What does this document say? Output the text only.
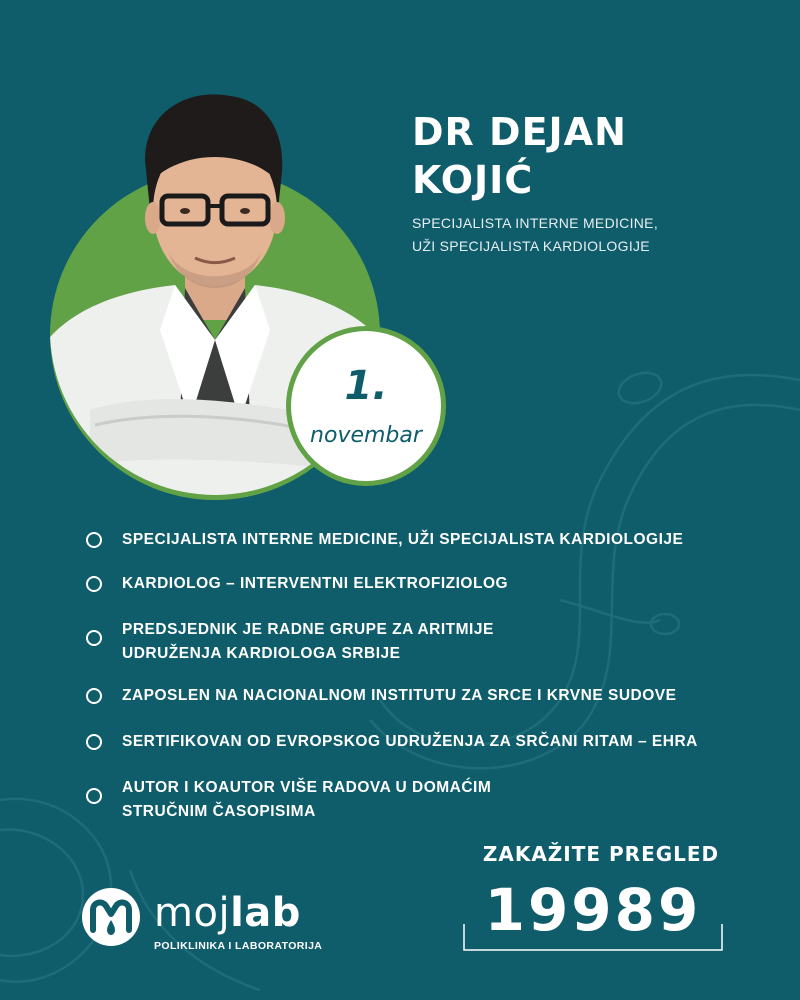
1.
novembar
DR DEJAN
KOJIĆ
SPECIJALISTA INTERNE MEDICINE,
UŽI SPECIJALISTA KARDIOLOGIJE
SPECIJALISTA INTERNE MEDICINE, UŽI SPECIJALISTA KARDIOLOGIJE
KARDIOLOG – INTERVENTNI ELEKTROFIZIOLOG
PREDSJEDNIK JE RADNE GRUPE ZA ARITMIJE
UDRUŽENJA KARDIOLOGA SRBIJE
ZAPOSLEN NA NACIONALNOM INSTITUTU ZA SRCE I KRVNE SUDOVE
SERTIFIKOVAN OD EVROPSKOG UDRUŽENJA ZA SRČANI RITAM – EHRA
AUTOR I KOAUTOR VIŠE RADOVA U DOMAĆIM
STRUČNIM ČASOPISIMA
mojlab
POLIKLINIKA I LABORATORIJA
ZAKAŽITE PREGLED
19989
